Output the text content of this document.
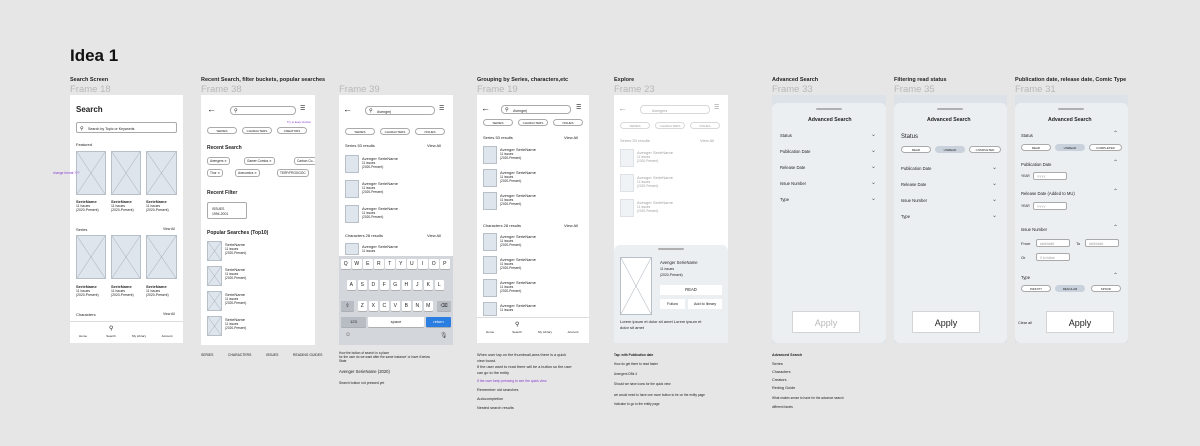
Idea 1
Search Screen
Frame 18
Search
⚲ Search by Topic or Keywords
Featured
SerieName
11 issues
(2020-Present)
SerieName
11 issues
(2020-Present)
SerieName
11 issues
(2020-Present)
Series	View All
SerieName
11 issues
(2020-Present)
SerieName
11 issues
(2020-Present)
SerieName
11 issues
(2020-Present)
Characters	View All
Home
⚲
Search	My Library	Account
change format ???
Recent Search, filter buckets, popular searches
Frame 38
←	⚲	☰
Try to keep Version
SERIES	CHARACTERS	CREATORS
Recent Search
Avengers ✕	Gamer Comics ✕	Carbon Co...
Thor ✕	Avecomics ✕	TERF/FROGGOC
Recent Filter
ISSUES
1994-2001
Popular Searches (Top10)
SerieName
11 issues
(2020-Present)
SerieName
11 issues
(2020-Present)
SerieName
11 issues
(2020-Present)
SerieName
11 issues
(2020-Present)
SERIES	CHARACTERS	ISSUES	READING GUIDES
Frame 39
←	⚲ Avenger|	☰
SERIES	CHARACTERS	ISSUES
Series 53 results	View All
Avenger SerieName
11 issues
(2020-Present)
Avenger SerieName
11 issues
(2020-Present)
Avenger SerieName
11 issues
(2020-Present)
Characters 28 results	View All
Avenger SerieName
11 issues
Q	W	E	R	T	Y	U	I	O	P
A	S	D	F	G	H	J	K	L
Z	X	C	V	B	N	M
⇧	⌫
123	space	return
☺	🎙
How the button of search in a place
for the user do we want after the same instance' or have it below
State
Avenger SerieName (2020)
Search button not pressed yet
Grouping by Series, characters,etc
Frame 19
←	⚲ Avenger|	☰
SERIES	CHARACTERS	ISSUES
Series 53 results	View All
Avenger SerieName
11 issues
(2020-Present)
Avenger SerieName
11 issues
(2020-Present)
Avenger SerieName
11 issues
(2020-Present)
Characters 28 results	View All
Avenger SerieName
11 issues
(2020-Present)
Avenger SerieName
11 issues
(2020-Present)
Avenger SerieName
11 issues
(2020-Present)
Avenger SerieName
11 issues
Home
⚲
Search	My Library	Account
When user tap on the thumbnail,area there is a quick
view boost.
If the user want to read there will be a button so the user
can go to the entity
If the user keep pressing to see the quick view
Remember old searches
Autocompletion
Nested search results
Explore
Frame 23
←	Avengers	☰
SERIES	CHARACTERS	ISSUES
Series 53 results	View All
Avenger SerieName
11 issues
(2020-Present)
Avenger SerieName
11 issues
(2020-Present)
Avenger SerieName
11 issues
(2020-Present)
Avenger SerieName
11 issues
(2020-Present)
READ
Follow	Add to library
Lorem ipsum et dolor sit amet Lorem ipsum et dolor sit amet
Tap: with Publication date
How do get there to read faster
Avengers DBk 4
Should we have icons for the quick view
we would need to have one more button to be on the entity page
Indicator to go to the entity page
Advanced Search
Frame 33
Advanced Search
Status	⌄
Publication Date	⌄
Release Date	⌄
Issue Number	⌄
Type	⌄
Apply
Advanced Search
Series
Characters
Creators
Reding Guide
What makes sense to have for the advance search
different facets
Filtering read status
Frame 35
Advanced Search
Status
READ	UNREAD	COMPLETED
Publication Date	⌄
Release Date	⌄
Issue Number	⌄
Type	⌄
Apply
Publication date, release date, Comic Type
Frame 31
Advanced Search
Status	⌃
READ	UNREAD	COMPLETED
Publication Date	⌃
YEAR YYYY
Release Date (Added to MU)	⌃
YEAR YYYY
Issue Number	⌃
From	##/#/####	To	##/#/####
Or	X to follow
Type	⌃
INFINITY	REGULAR	SPOOF
Clear all	Apply
